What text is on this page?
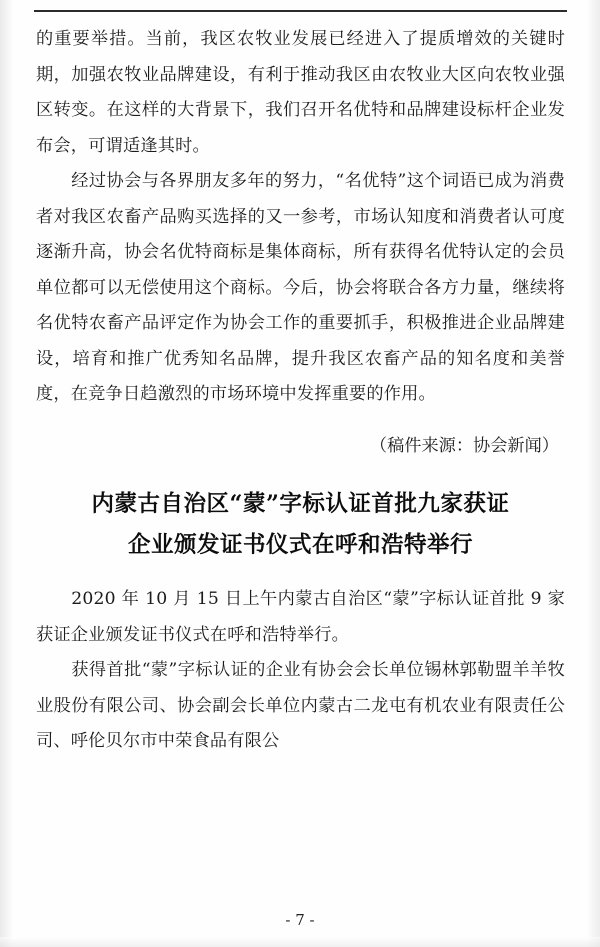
的重要举措。当前，我区农牧业发展已经进入了提质增效的关键时期，加强农牧业品牌建设，有利于推动我区由农牧业大区向农牧业强区转变。在这样的大背景下，我们召开名优特和品牌建设标杆企业发布会，可谓适逢其时。

经过协会与各界朋友多年的努力，“名优特”这个词语已成为消费者对我区农畜产品购买选择的又一参考，市场认知度和消费者认可度逐渐升高，协会名优特商标是集体商标，所有获得名优特认定的会员单位都可以无偿使用这个商标。今后，协会将联合各方力量，继续将名优特农畜产品评定作为协会工作的重要抓手，积极推进企业品牌建设，培育和推广优秀知名品牌，提升我区农畜产品的知名度和美誉度，在竞争日趋激烈的市场环境中发挥重要的作用。

（稿件来源：协会新闻）
内蒙古自治区“蒙”字标认证首批九家获证
企业颁发证书仪式在呼和浩特举行

2020 年 10 月 15 日上午内蒙古自治区“蒙”字标认证首批 9 家获证企业颁发证书仪式在呼和浩特举行。

获得首批“蒙”字标认证的企业有协会会长单位锡林郭勒盟羊羊牧业股份有限公司、协会副会长单位内蒙古二龙屯有机农业有限责任公司、呼伦贝尔市中荣食品有限公

- 7 -
